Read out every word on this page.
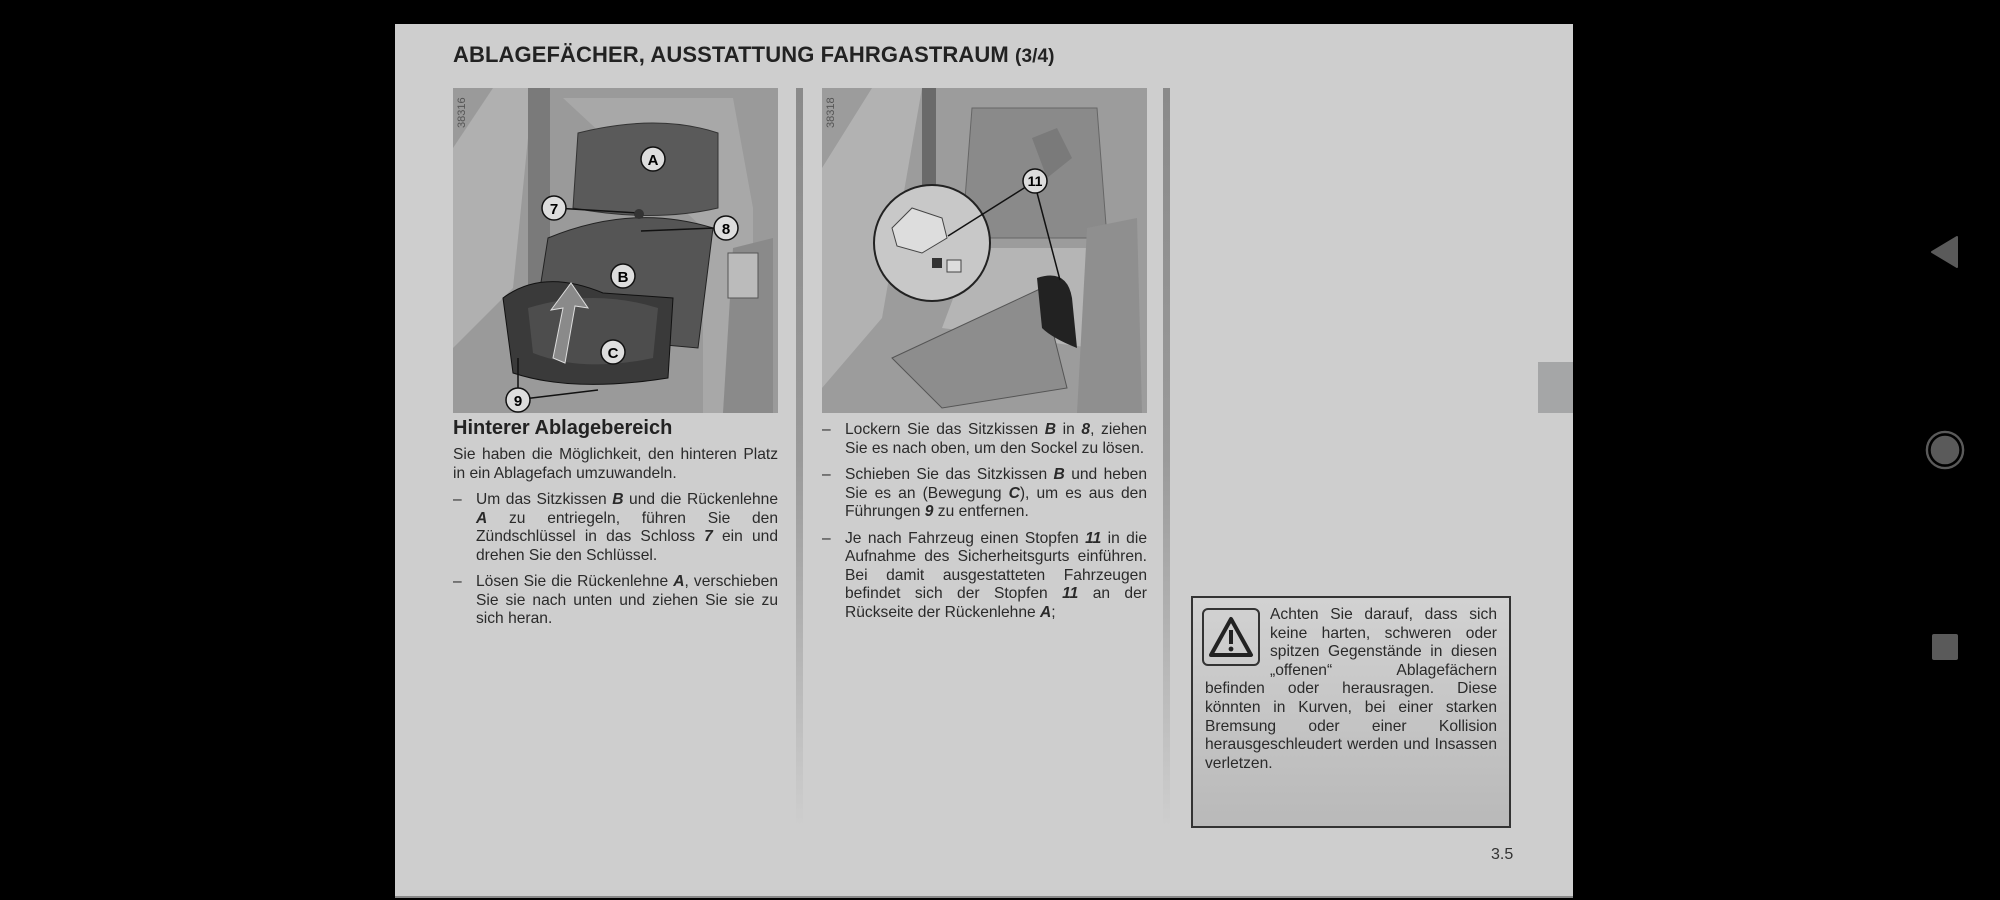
ABLAGEFÄCHER, AUSSTATTUNG FAHRGASTRAUM (3/4)
A
7
8
B
C
9
38316
Hinterer Ablagebereich

Sie haben die Möglichkeit, den hinteren Platz in ein Ablagefach umzuwandeln.

– Um das Sitzkissen B und die Rückenlehne A zu entriegeln, führen Sie den Zündschlüssel in das Schloss 7 ein und drehen Sie den Schlüssel.
– Lösen Sie die Rückenlehne A, verschieben Sie sie nach unten und ziehen Sie sie zu sich heran.
11
38318
– Lockern Sie das Sitzkissen B in 8, ziehen Sie es nach oben, um den Sockel zu lösen.
– Schieben Sie das Sitzkissen B und heben Sie es an (Bewegung C), um es aus den Führungen 9 zu entfernen.
– Je nach Fahrzeug einen Stopfen 11 in die Aufnahme des Sicherheitsgurts einführen. Bei damit ausgestatteten Fahrzeugen befindet sich der Stopfen 11 an der Rückseite der Rückenlehne A;	Achten Sie darauf, dass sich keine harten, schweren oder spitzen Gegenstände in diesen „offenen“ Ablagefächern befinden oder herausragen. Diese könnten in Kurven, bei einer starken Bremsung oder einer Kollision herausgeschleudert werden und Insassen verletzen.
3.5
